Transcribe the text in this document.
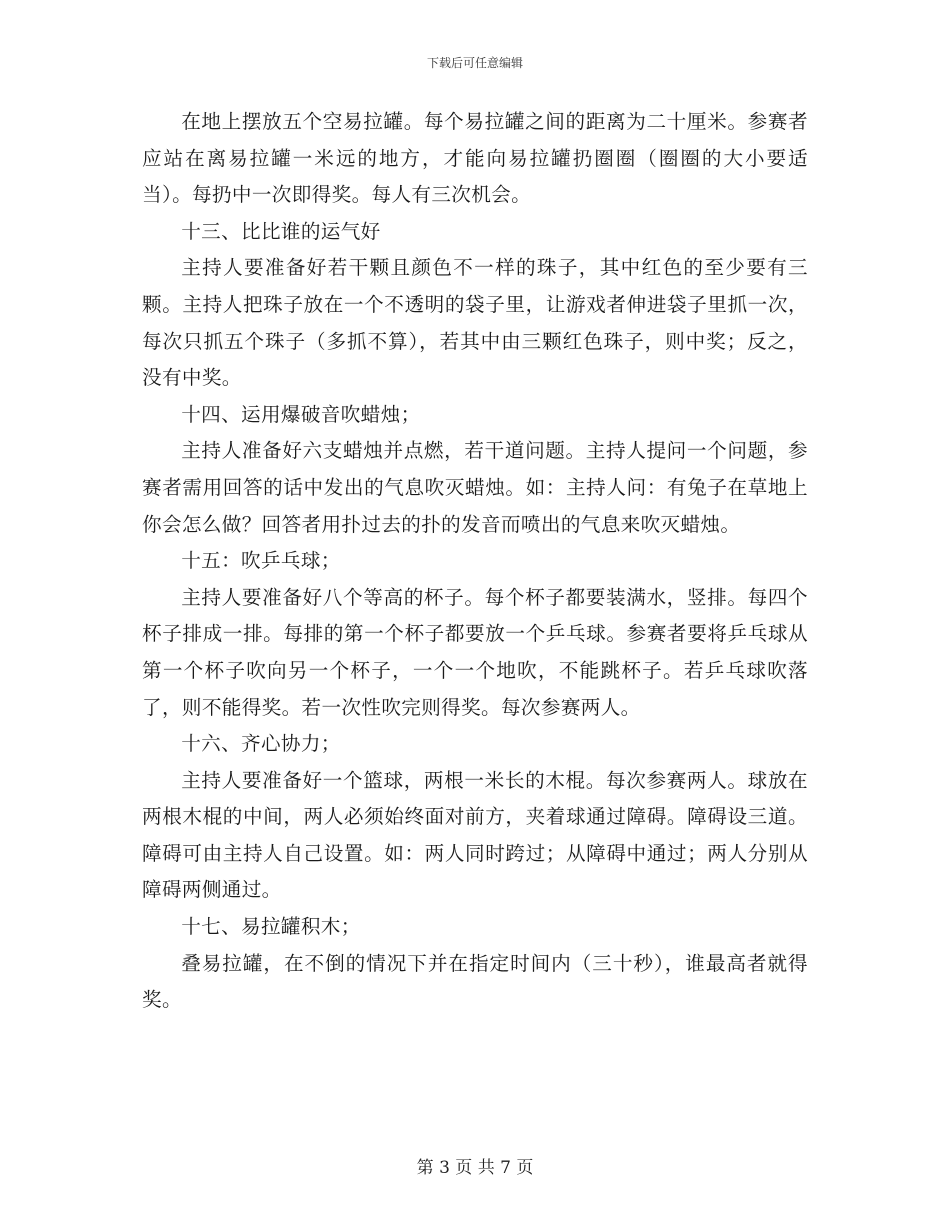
下载后可任意编辑

在地上摆放五个空易拉罐。每个易拉罐之间的距离为二十厘米。参赛者应站在离易拉罐一米远的地方，才能向易拉罐扔圈圈（圈圈的大小要适当）。每扔中一次即得奖。每人有三次机会。

十三、比比谁的运气好

主持人要准备好若干颗且颜色不一样的珠子，其中红色的至少要有三颗。主持人把珠子放在一个不透明的袋子里，让游戏者伸进袋子里抓一次，每次只抓五个珠子（多抓不算），若其中由三颗红色珠子，则中奖；反之，没有中奖。

十四、运用爆破音吹蜡烛；

主持人准备好六支蜡烛并点燃，若干道问题。主持人提问一个问题，参赛者需用回答的话中发出的气息吹灭蜡烛。如：主持人问：有兔子在草地上你会怎么做？回答者用扑过去的扑的发音而喷出的气息来吹灭蜡烛。

十五：吹乒乓球；

主持人要准备好八个等高的杯子。每个杯子都要装满水，竖排。每四个杯子排成一排。每排的第一个杯子都要放一个乒乓球。参赛者要将乒乓球从第一个杯子吹向另一个杯子，一个一个地吹，不能跳杯子。若乒乓球吹落了，则不能得奖。若一次性吹完则得奖。每次参赛两人。

十六、齐心协力；

主持人要准备好一个篮球，两根一米长的木棍。每次参赛两人。球放在两根木棍的中间，两人必须始终面对前方，夹着球通过障碍。障碍设三道。障碍可由主持人自己设置。如：两人同时跨过；从障碍中通过；两人分别从障碍两侧通过。

十七、易拉罐积木；

叠易拉罐，在不倒的情况下并在指定时间内（三十秒），谁最高者就得奖。

第 3 页 共 7 页
